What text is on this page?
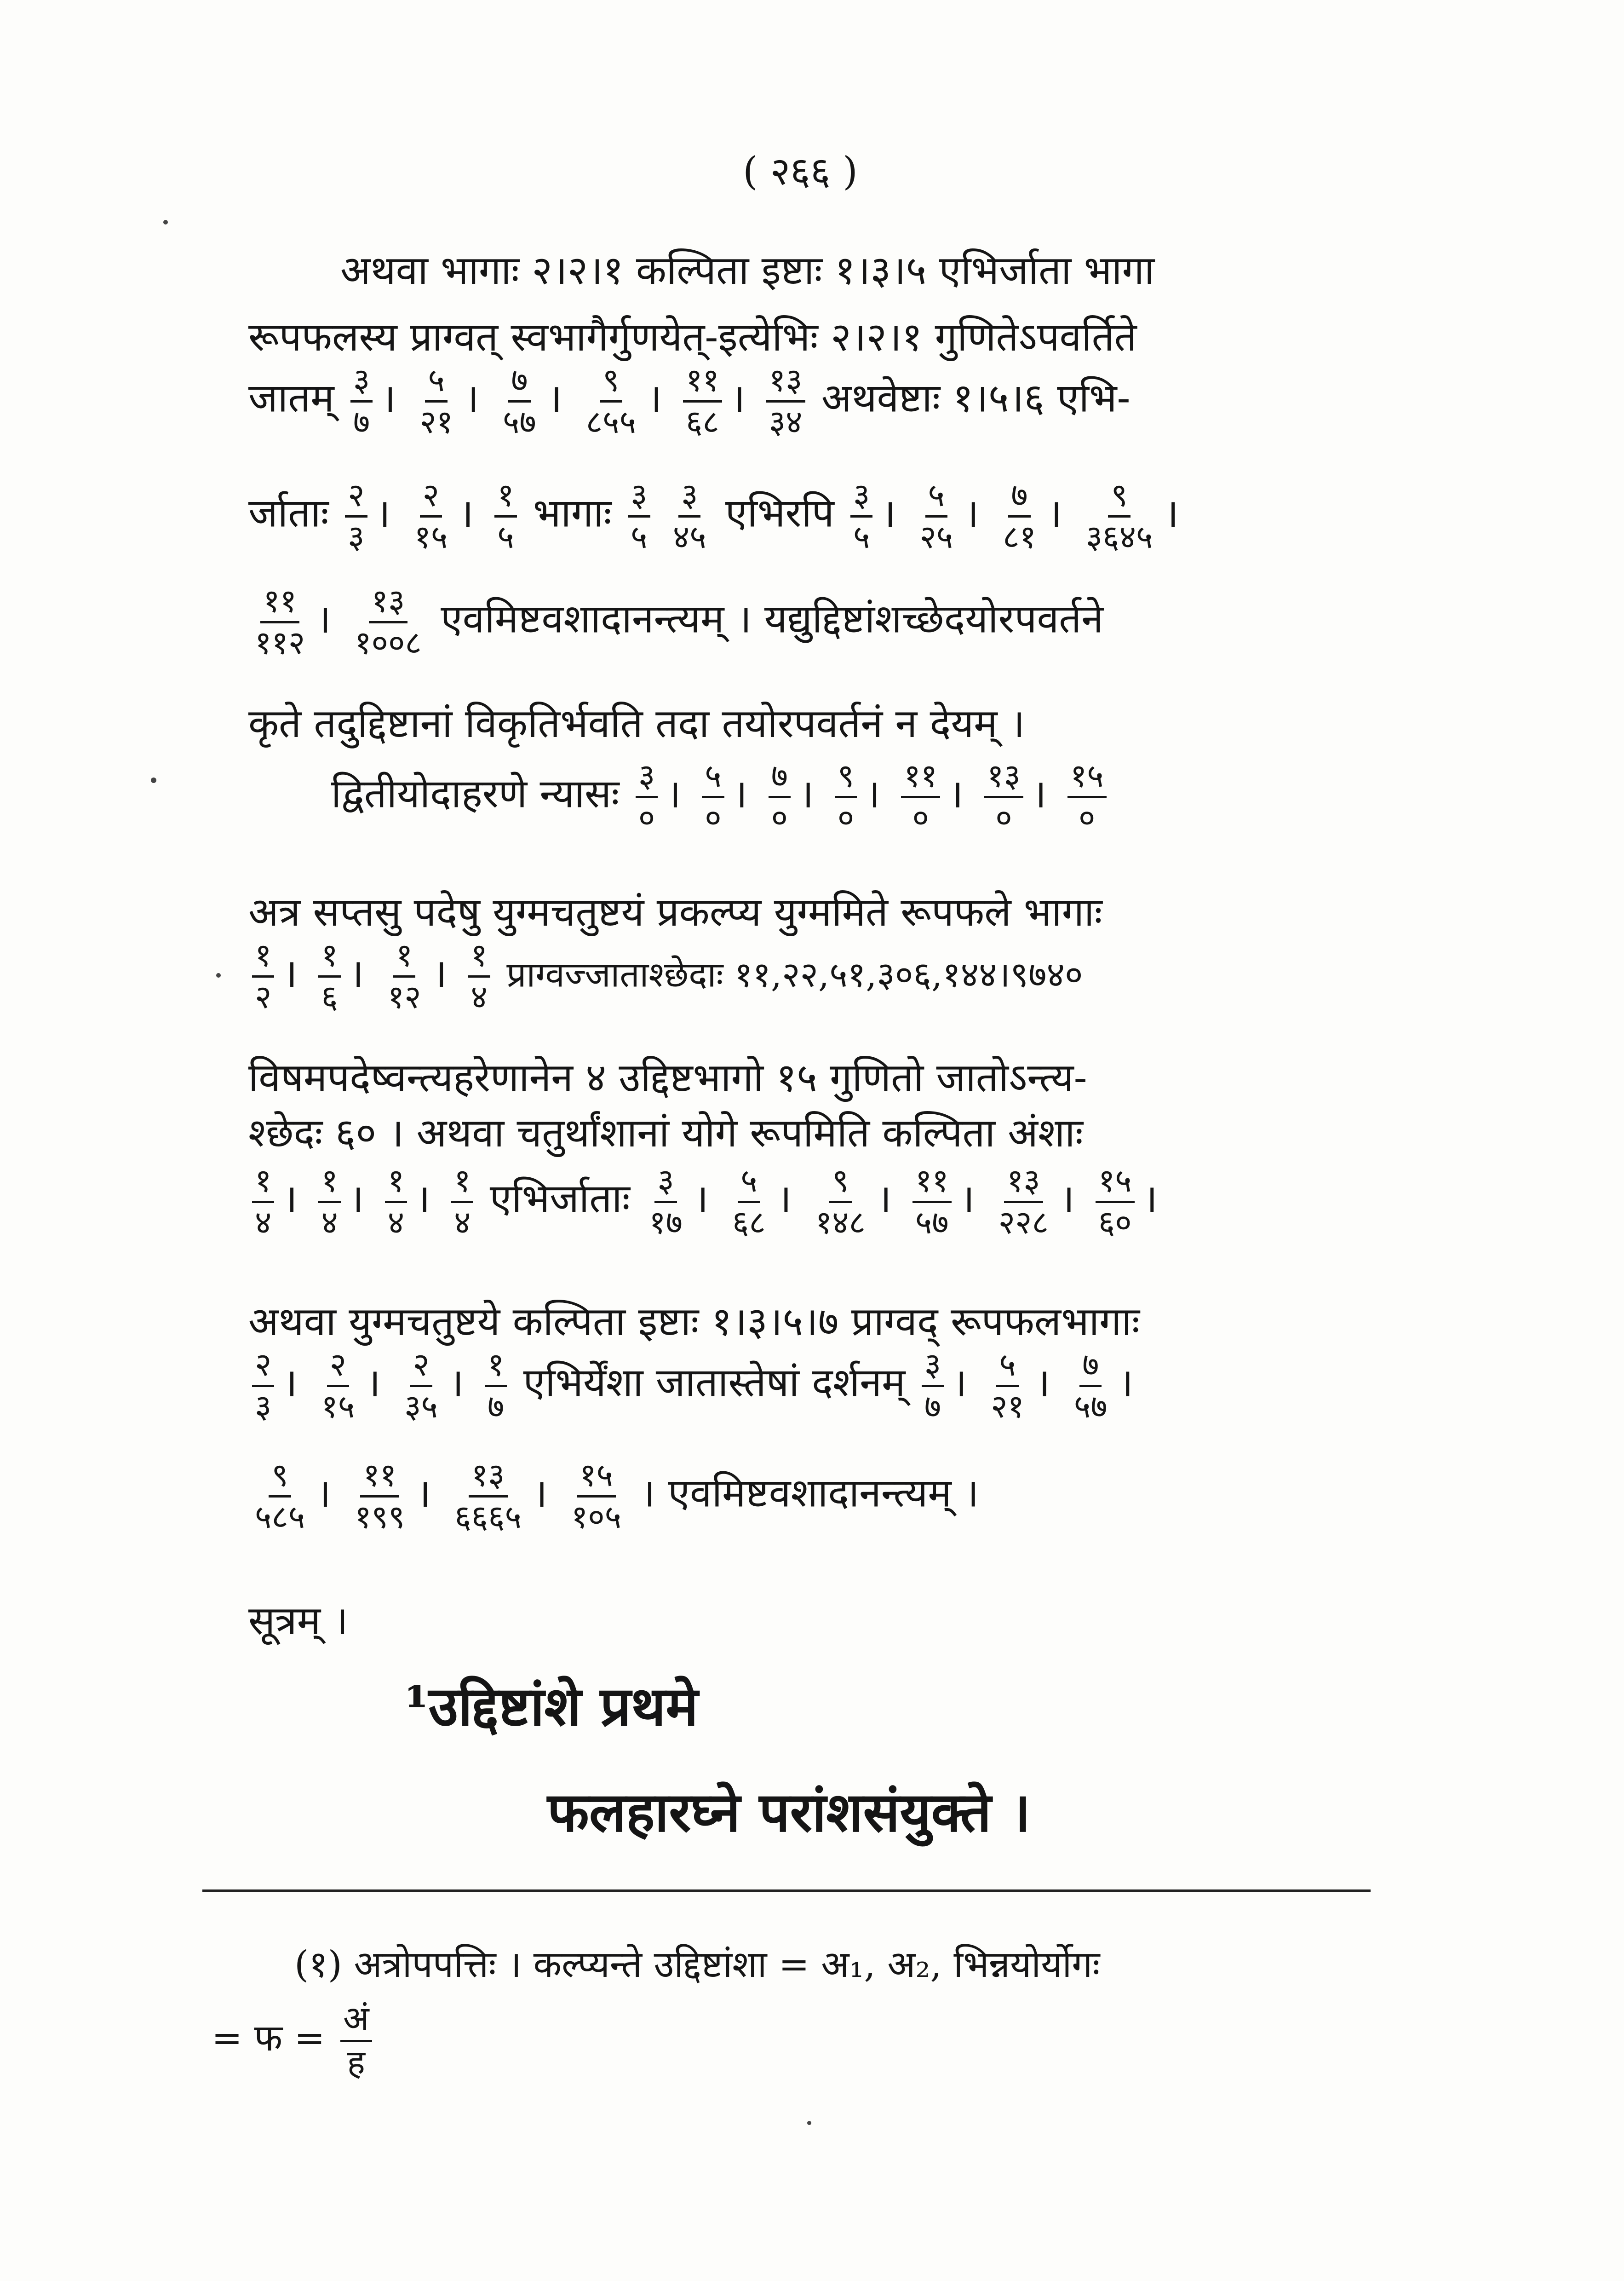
( २६६ )
अथवा भागाः २।२।१ कल्पिता इष्टाः १।३।५ एभिर्जाता भागा
रूपफलस्य प्राग्वत् स्वभागैर्गुणयेत्-इत्येभिः २।२।१ गुणितेऽपवर्तिते
जातम् $\frac{३}{७}$ । $\frac{५}{२१}$ । $\frac{७}{५७}$ । $\frac{९}{८५५}$ । $\frac{११}{६८}$ । $\frac{१३}{३४}$ अथवेष्टाः १।५।६ एभि-
र्जाताः $\frac{२}{३}$ । $\frac{२}{१५}$ । $\frac{१}{५}$ भागाः $\frac{३}{५}$
$\frac{३}{४५}$ एभिरपि $\frac{३}{५}$ । $\frac{५}{२५}$ । $\frac{७}{८१}$ । $\frac{९}{३६४५}$ ।
$\frac{११}{११२}$ । $\frac{१३}{१००८}$ एवमिष्टवशादानन्त्यम् । यद्युद्दिष्टांशच्छेदयोरपवर्तने
कृते तदुद्दिष्टानां विकृतिर्भवति तदा तयोरपवर्तनं न देयम् ।
द्वितीयोदाहरणे न्यासः $\frac{३}{०}$ । $\frac{५}{०}$ । $\frac{७}{०}$ । $\frac{९}{०}$ । $\frac{११}{०}$ । $\frac{१३}{०}$ । $\frac{१५}{०}$
अत्र सप्तसु पदेषु युग्मचतुष्टयं प्रकल्प्य युग्ममिते रूपफले भागाः
$\frac{१}{२}$ । $\frac{१}{६}$ । $\frac{१}{१२}$ । $\frac{१}{४}$ प्राग्वज्जाताश्छेदाः ११,२२,५१,३०६,१४४।९७४०
विषमपदेष्वन्त्यहरेणानेन ४ उद्दिष्टभागो १५ गुणितो जातोऽन्त्य-
श्छेदः ६० । अथवा चतुर्थांशानां योगे रूपमिति कल्पिता अंशाः
$\frac{१}{४}$ । $\frac{१}{४}$ । $\frac{१}{४}$ । $\frac{१}{४}$ एभिर्जाताः $\frac{३}{१७}$ । $\frac{५}{६८}$ । $\frac{९}{१४८}$ । $\frac{११}{५७}$ । $\frac{१३}{२२८}$ । $\frac{१५}{६०}$ ।
अथवा युग्मचतुष्टये कल्पिता इष्टाः १।३।५।७ प्राग्वद् रूपफलभागाः
$\frac{२}{३}$ । $\frac{२}{१५}$ । $\frac{२}{३५}$ । $\frac{१}{७}$ एभिर्येंशा जातास्तेषां दर्शनम् $\frac{३}{७}$ । $\frac{५}{२१}$ । $\frac{७}{५७}$ ।
$\frac{९}{५८५}$ । $\frac{११}{१९९}$ । $\frac{१३}{६६६५}$ । $\frac{१५}{१०५}$ । एवमिष्टवशादानन्त्यम् ।
सूत्रम् ।
¹उद्दिष्टांशे प्रथमे
फलहारघ्ने परांशसंयुक्ते ।
(१) अत्रोपपत्तिः । कल्प्यन्ते उद्दिष्टांशा = अ₁, अ₂, भिन्नयोर्योगः
= फ = $\frac{\text{अं}}{\text{ह}}$
